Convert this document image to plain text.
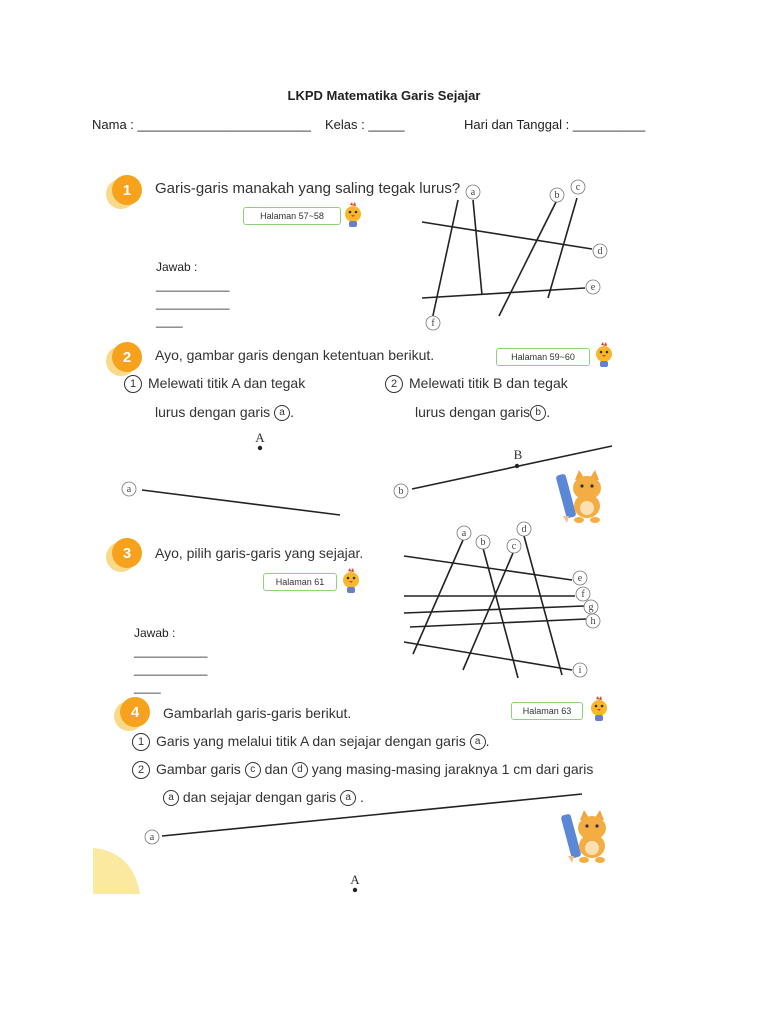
LKPD Matematika Garis Sejajar
Nama : ________________________ Kelas : _____	Hari dan Tanggal : __________
1	Garis-garis manakah yang saling tegak lurus?
Halaman 57~58
Jawab :
___________
___________
____
a	b
c
d
e
f
2	Ayo, gambar garis dengan ketentuan berikut.	Halaman 59~60
1 Melewati titik A dan tegak
lurus dengan garis a .
2 Melewati titik B dan tegak
lurus dengan garis b .
A
a	b
B
3	Ayo, pilih garis-garis yang sejajar.
Halaman 61
Jawab :
___________
___________
____
a
b	c
d
e
f
g
h
i
4	Gambarlah garis-garis berikut.	Halaman 63
1 Garis yang melalui titik A dan sejajar dengan garis a .
2 Gambar garis c dan d yang masing-masing jaraknya 1 cm dari garis
a dan sejajar dengan garis a .
a
A
